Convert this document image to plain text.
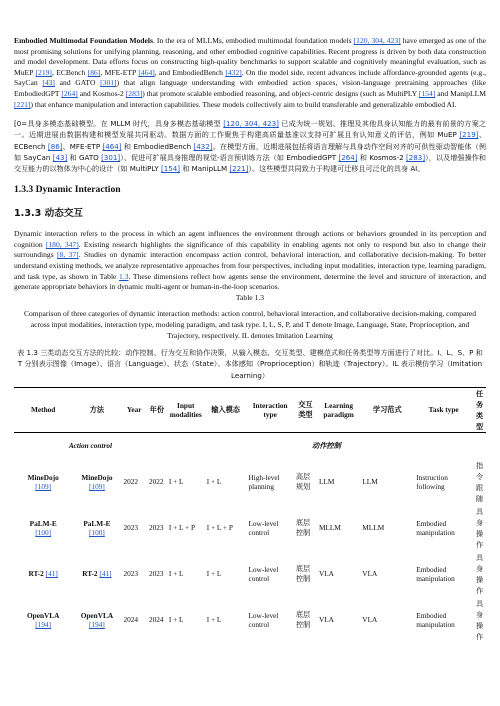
Embodied Multimodal Foundation Models. In the era of MLLMs, embodied multimodal foundation models [120, 304, 423] have emerged as one of the most promising solutions for unifying planning, reasoning, and other embodied cognitive capabilities. Recent progress is driven by both data construction and model development. Data efforts focus on constructing high-quality benchmarks to support scalable and cognitively meaningful evaluation, such as MuEP [219], ECBench [86], MFE-ETP [464], and EmbodiedBench [432]. On the model side, recent advances include affordance-grounded agents (e.g., SayCan [43] and GATO [301]) that align language understanding with embodied action spaces, vision-language pretraining approaches (like EmbodiedGPT [264] and Kosmos-2 [283]) that promote scalable embodied reasoning, and object-centric designs (such as MultiPLY [154] and ManipLLM [221]) that enhance manipulation and interaction capabilities. These models collectively aim to build transferable and generalizable embodied AI.

[0=具身多模态基础模型。在 MLLM 时代，具身多模态基础模型 [120, 304, 423] 已成为统一规划、推理及其他具身认知能力的最有前景的方案之一。近期进展由数据构建和模型发展共同驱动。数据方面的工作聚焦于构建高质量基准以支持可扩展且有认知意义的评估，例如 MuEP [219]、ECBench [86]、MFE-ETP [464] 和 EmbodiedBench [432]。在模型方面，近期进展包括将语言理解与具身动作空间对齐的可供性驱动智能体（例如 SayCan [43] 和 GATO [301]）、促进可扩展具身推理的视觉-语言预训练方法（如 EmbodiedGPT [264] 和 Kosmos-2 [283]），以及增强操作和交互能力的以物体为中心的设计（如 MultiPLY [154] 和 ManipLLM [221]）。这些模型共同致力于构建可迁移且可泛化的具身 AI。

1.3.3 Dynamic Interaction
1.3.3 动态交互

Dynamic interaction refers to the process in which an agent influences the environment through actions or behaviors grounded in its perception and cognition [180, 347]. Existing research highlights the significance of this capability in enabling agents not only to respond but also to change their surroundings [8, 37]. Studies on dynamic interaction encompass action control, behavioral interaction, and collaborative decision-making. To better understand existing methods, we analyze representative approaches from four perspectives, including input modalities, interaction type, learning paradigm, and task type, as shown in Table 1.3. These dimensions reflect how agents sense the environment, determine the level and structure of interaction, and generate appropriate behaviors in dynamic multi-agent or human-in-the-loop scenarios.

Table 1.3

Comparison of three categories of dynamic interaction methods: action control, behavioral interaction, and collaborative decision-making, compared across input modalities, interaction type, modeling paradigm, and task type. I, L, S, P, and T denote Image, Language, State, Proprioception, and Trajectory, respectively. IL denotes Imitation Learning

表 1.3 三类动态交互方法的比较：动作控制、行为交互和协作决策，从输入模态、交互类型、建模范式和任务类型等方面进行了对比。I、L、S、P 和 T 分别表示图像（Image）、语言（Language）、状态（State）、本体感知（Proprioception）和轨迹（Trajectory）。IL 表示模仿学习（Imitation Learning）

Method	方法	Year	年份	Input modalities	输入模态	Interaction type	交互类型	Learning paradigm	学习范式	Task type	任
务
类
型

Action control				动作控制							
MineDojo
[109]	MineDojo
[109]	2022	2022	I + L	I + L	High-level planning	高层规划	LLM	LLM	Instruction following	指
令
跟
随

PaLM-E
[100]	PaLM-E
[100]	2023	2023	I + L + P	I + L + P	Low-level control	底层控制	MLLM	MLLM	Embodied manipulation	具
身
操
作

RT-2 [41]	RT-2 [41]	2023	2023	I + L	I + L	Low-level control	底层控制	VLA	VLA	Embodied manipulation	具
身
操
作

OpenVLA
[194]	OpenVLA
[194]	2024	2024	I + L	I + L	Low-level control	底层控制	VLA	VLA	Embodied manipulation	具
身
操
作
